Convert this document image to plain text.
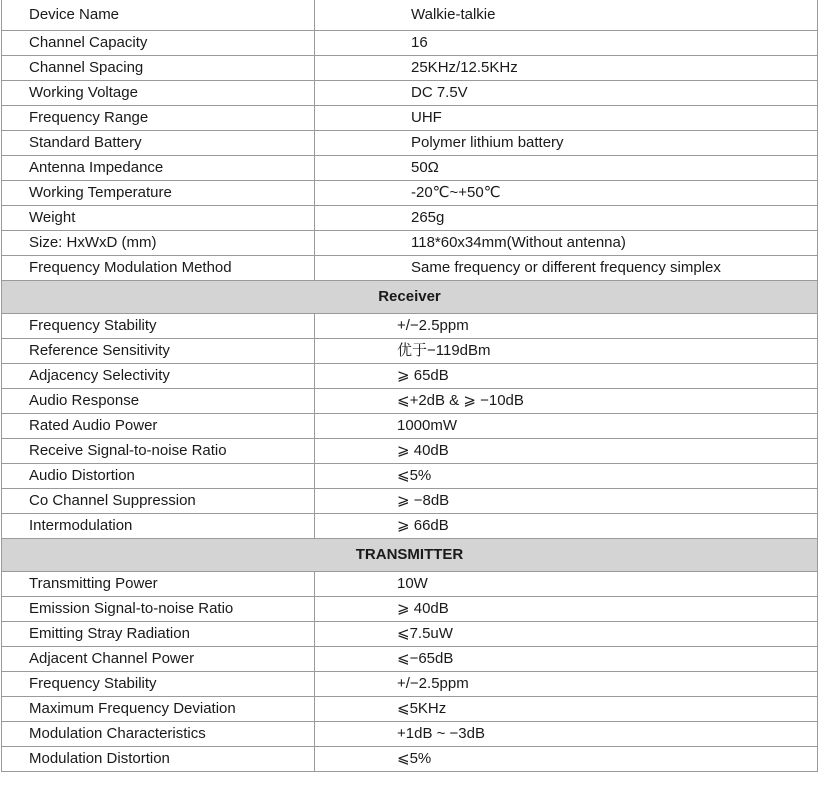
Device Name	Walkie-talkie
Channel Capacity	16
Channel Spacing	25KHz/12.5KHz
Working Voltage	DC 7.5V
Frequency Range	UHF
Standard Battery	Polymer lithium battery
Antenna Impedance	50Ω
Working Temperature	-20℃~+50℃
Weight	265g
Size: HxWxD (mm)	118*60x34mm(Without antenna)
Frequency Modulation Method	Same frequency or different frequency simplex
Receiver	
Frequency Stability	+/−2.5ppm
Reference Sensitivity	优于−119dBm
Adjacency Selectivity	⩾ 65dB
Audio Response	⩽+2dB & ⩾ −10dB
Rated Audio Power	1000mW
Receive Signal-to-noise Ratio	⩾ 40dB
Audio Distortion	⩽5%
Co Channel Suppression	⩾ −8dB
Intermodulation	⩾ 66dB
TRANSMITTER	
Transmitting Power	10W
Emission Signal-to-noise Ratio	⩾ 40dB
Emitting Stray Radiation	⩽7.5uW
Adjacent Channel Power	⩽−65dB
Frequency Stability	+/−2.5ppm
Maximum Frequency Deviation	⩽5KHz
Modulation Characteristics	+1dB ~ −3dB
Modulation Distortion	⩽5%
